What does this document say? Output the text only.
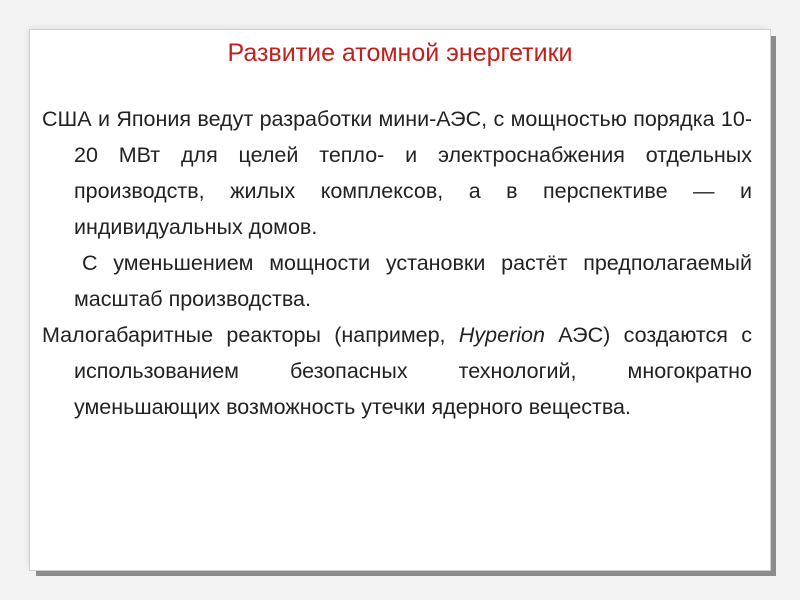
Развитие атомной энергетики

США и Япония ведут разработки мини-АЭС, с мощностью порядка 10-20 МВт для целей тепло- и электроснабжения отдельных производств, жилых комплексов, а в перспективе — и индивидуальных домов.

С уменьшением мощности установки растёт предполагаемый масштаб производства.

Малогабаритные реакторы (например, Hyperion АЭС) создаются с использованием безопасных технологий, многократно уменьшающих возможность утечки ядерного вещества.
